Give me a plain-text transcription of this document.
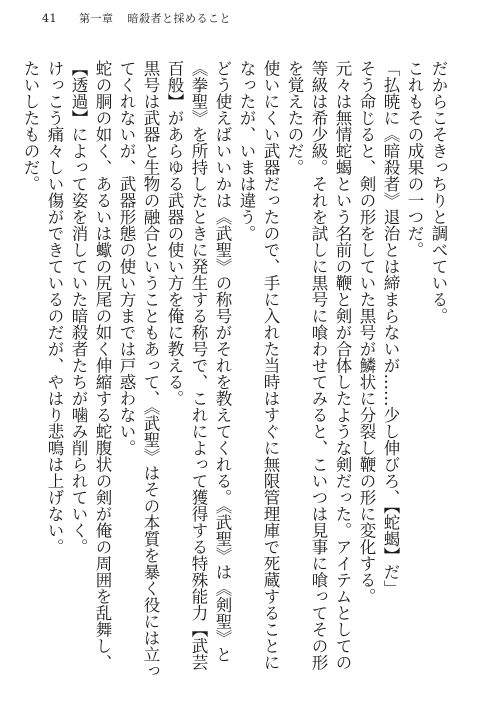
41 第一章 暗殺者と採めること

だからこそきっちりと調べている。

これもその成果の一つだ。

「払暁に《暗殺者》退治とは締まらないが……少し伸びろ、【蛇蝎】だ」

そう命じると、剣の形をしていた黒号が鱗状に分裂し鞭の形に変化する。

元々は無情蛇蝎という名前の鞭と剣が合体したような剣だった。アイテムとしての等級は希少級。それを試しに黒号に喰わせてみると、こいつは見事に喰ってその形を覚えたのだ。

使いにくい武器だったので、手に入れた当時はすぐに無限管理庫で死蔵することになったが、いまは違う。

どう使えばいいかは《武聖》の称号がそれを教えてくれる。《武聖》は《剣聖》と《拳聖》を所持したときに発生する称号で、これによって獲得する特殊能力【武芸百般】があらゆる武器の使い方を俺に教える。

黒号は武器と生物の融合ということもあって、《武聖》はその本質を暴く役には立ってくれないが、武器形態の使い方までは戸惑わない。

蛇の胴の如く、あるいは蠍の尻尾の如く伸縮する蛇腹状の剣が俺の周囲を乱舞し、【透過】によって姿を消していた暗殺者たちが噛み削られていく。

けっこう痛々しい傷ができているのだが、やはり悲鳴は上げない。

たいしたものだ。
